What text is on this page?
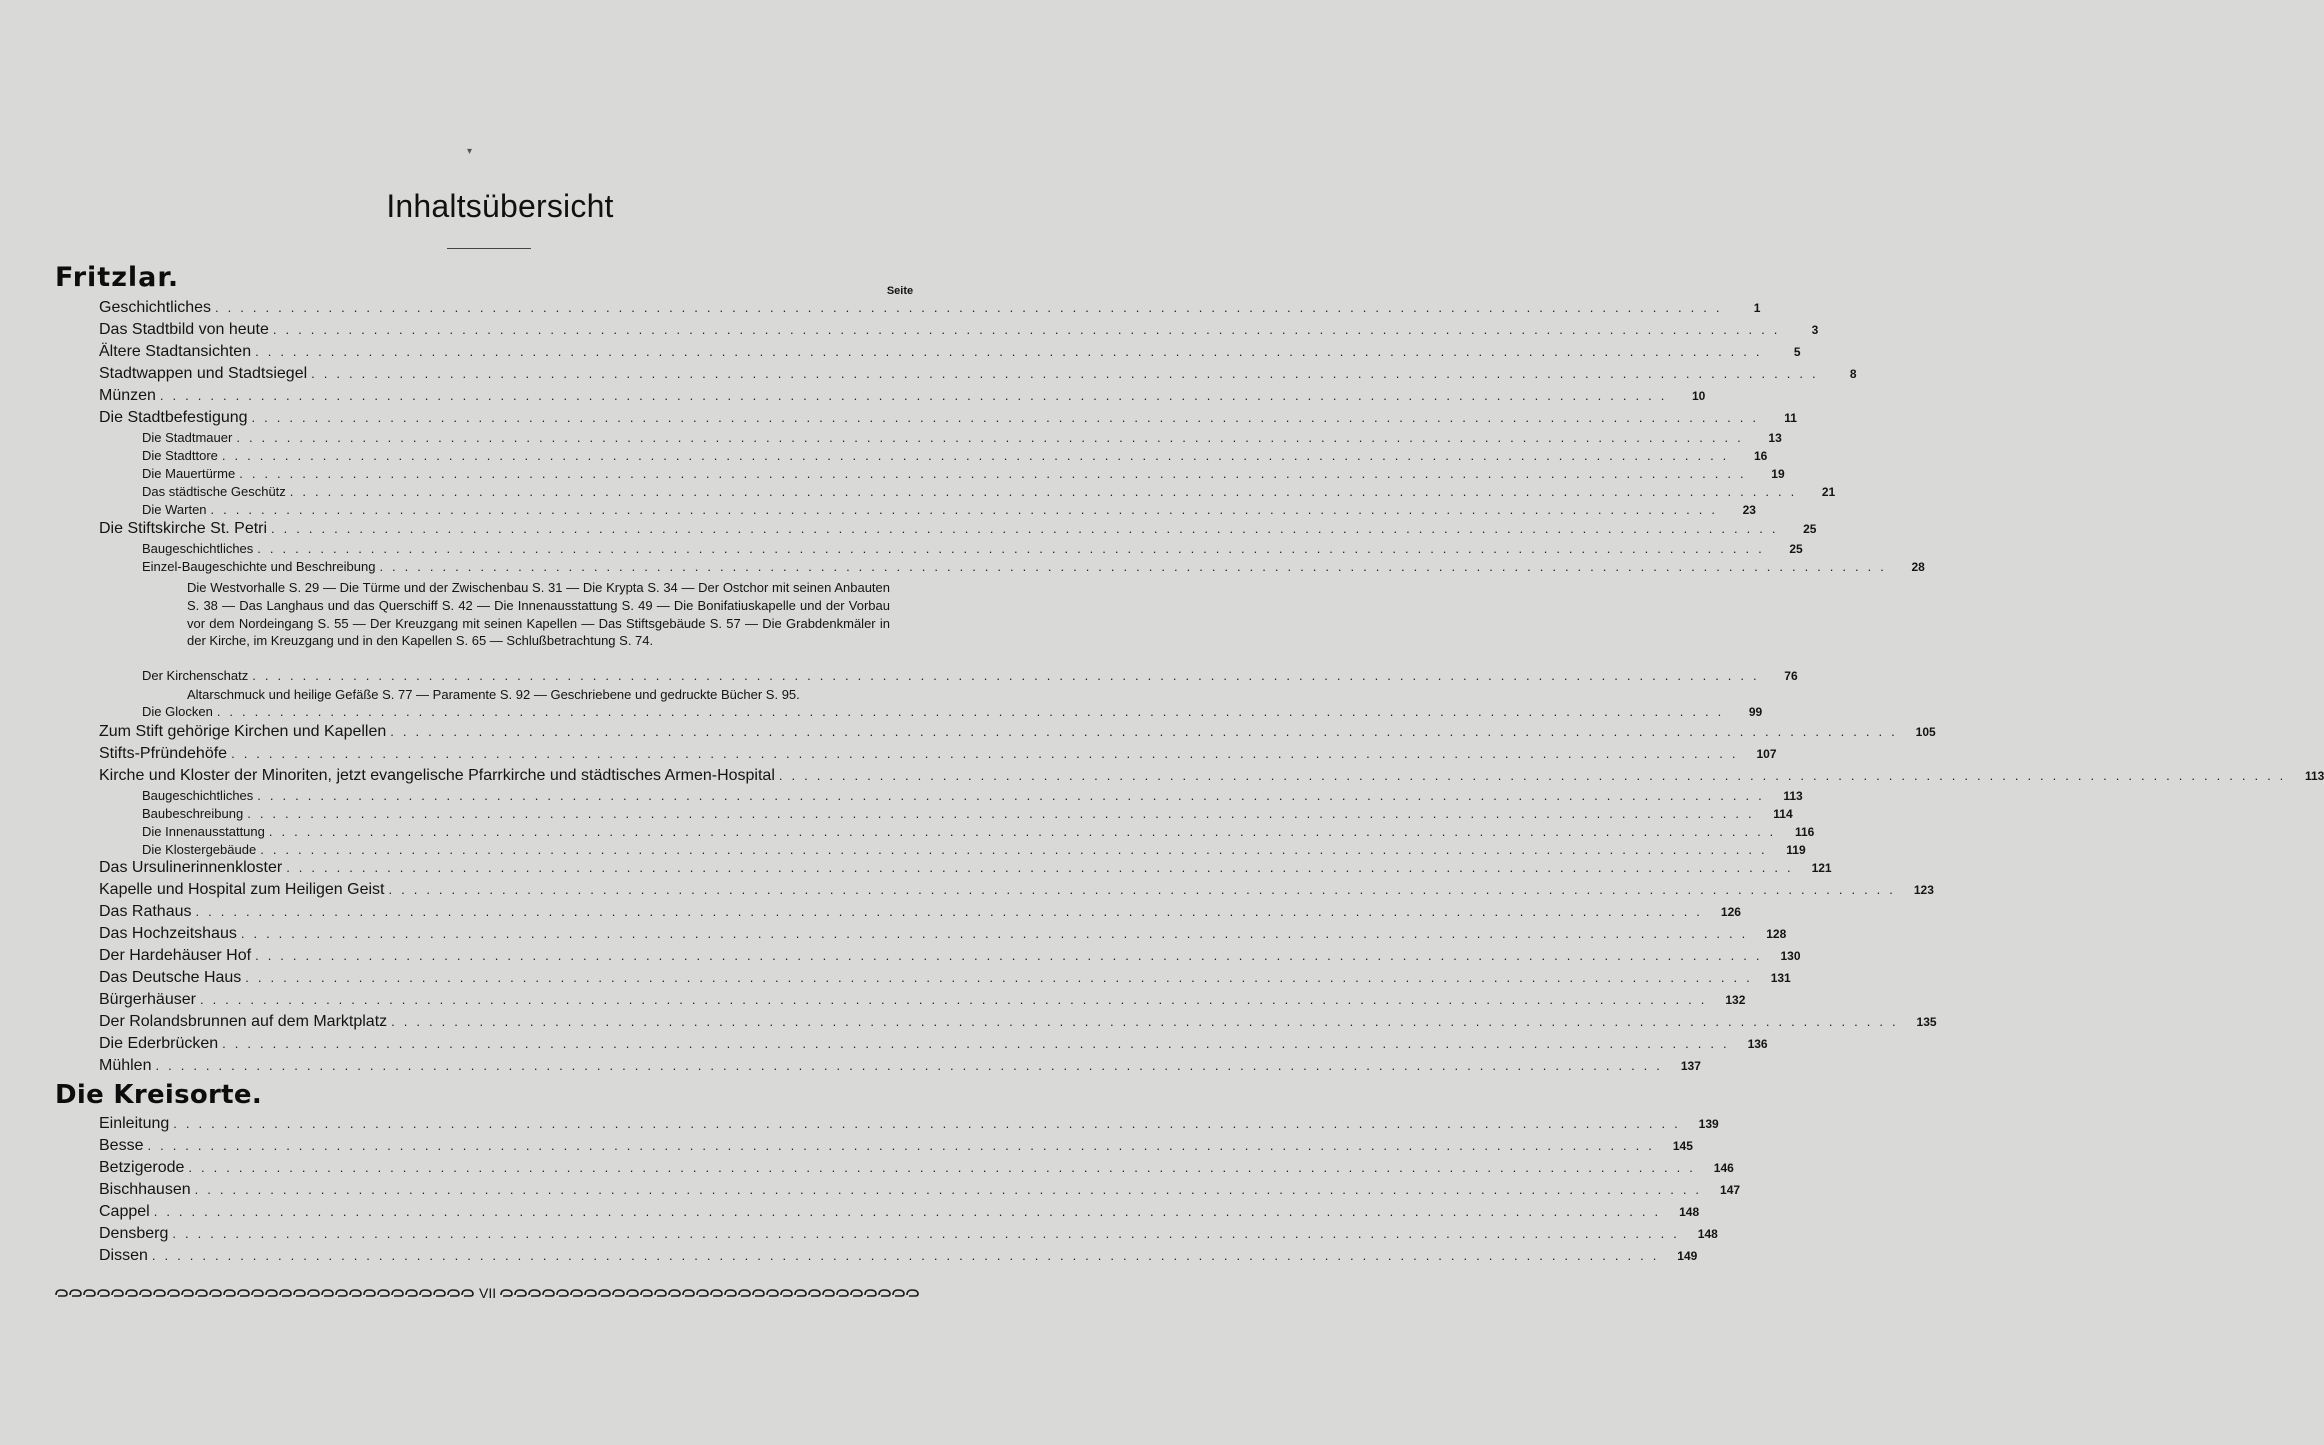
▾
Inhaltsübersicht
Fritzlar.	Seite
Geschichtliches ........................................................................................................................	1
Das Stadtbild von heute ........................................................................................................................	3
Ältere Stadtansichten ........................................................................................................................	5
Stadtwappen und Stadtsiegel ........................................................................................................................	8
Münzen ........................................................................................................................	10
Die Stadtbefestigung ........................................................................................................................	11
Die Stadtmauer ........................................................................................................................	13
Die Stadttore ........................................................................................................................	16
Die Mauertürme ........................................................................................................................	19
Das städtische Geschütz ........................................................................................................................	21
Die Warten ........................................................................................................................	23
Die Stiftskirche St. Petri ........................................................................................................................	25
Baugeschichtliches ........................................................................................................................	25
Einzel-Baugeschichte und Beschreibung ........................................................................................................................	28
Der Kirchenschatz ........................................................................................................................	76
Die Glocken ........................................................................................................................	99
Zum Stift gehörige Kirchen und Kapellen ........................................................................................................................ 105
Stifts-Pfründehöfe ........................................................................................................................ 107
Kirche und Kloster der Minoriten, jetzt evangelische Pfarrkirche und städtisches Armen-Hospital ........................................................................................................................	113
Baugeschichtliches ........................................................................................................................	113
Baubeschreibung ........................................................................................................................	114
Die Innenausstattung ........................................................................................................................	116
Die Klostergebäude ........................................................................................................................	119
Das Ursulinerinnenkloster ........................................................................................................................ 121
Kapelle und Hospital zum Heiligen Geist ........................................................................................................................ 123
Das Rathaus ........................................................................................................................ 126
Das Hochzeitshaus ........................................................................................................................ 128
Der Hardehäuser Hof ........................................................................................................................ 130
Das Deutsche Haus ........................................................................................................................ 131
Bürgerhäuser ........................................................................................................................ 132
Der Rolandsbrunnen auf dem Marktplatz ........................................................................................................................ 135
Die Ederbrücken ........................................................................................................................ 136
Mühlen ........................................................................................................................ 137
Die Westvorhalle S. 29 — Die Türme und der Zwischenbau S. 31 — Die Krypta S. 34 — Der Ostchor mit seinen Anbauten S. 38 — Das Langhaus und das Querschiff S. 42 — Die Innenausstattung S. 49 — Die Bonifatiuskapelle und der Vorbau vor dem Nordeingang S. 55 — Der Kreuzgang mit seinen Kapellen — Das Stiftsgebäude S. 57 — Die Grabdenkmäler in der Kirche, im Kreuzgang und in den Kapellen S. 65 — Schlußbetrachtung S. 74.
Altarschmuck und heilige Gefäße S. 77 — Paramente S. 92 — Geschriebene und gedruckte Bücher S. 95.
Die Kreisorte.
Einleitung ........................................................................................................................ 139
Besse ........................................................................................................................ 145
Betzigerode ........................................................................................................................ 146
Bischhausen ........................................................................................................................ 147
Cappel ........................................................................................................................ 148
Densberg ........................................................................................................................ 148
Dissen ........................................................................................................................ 149
VII
